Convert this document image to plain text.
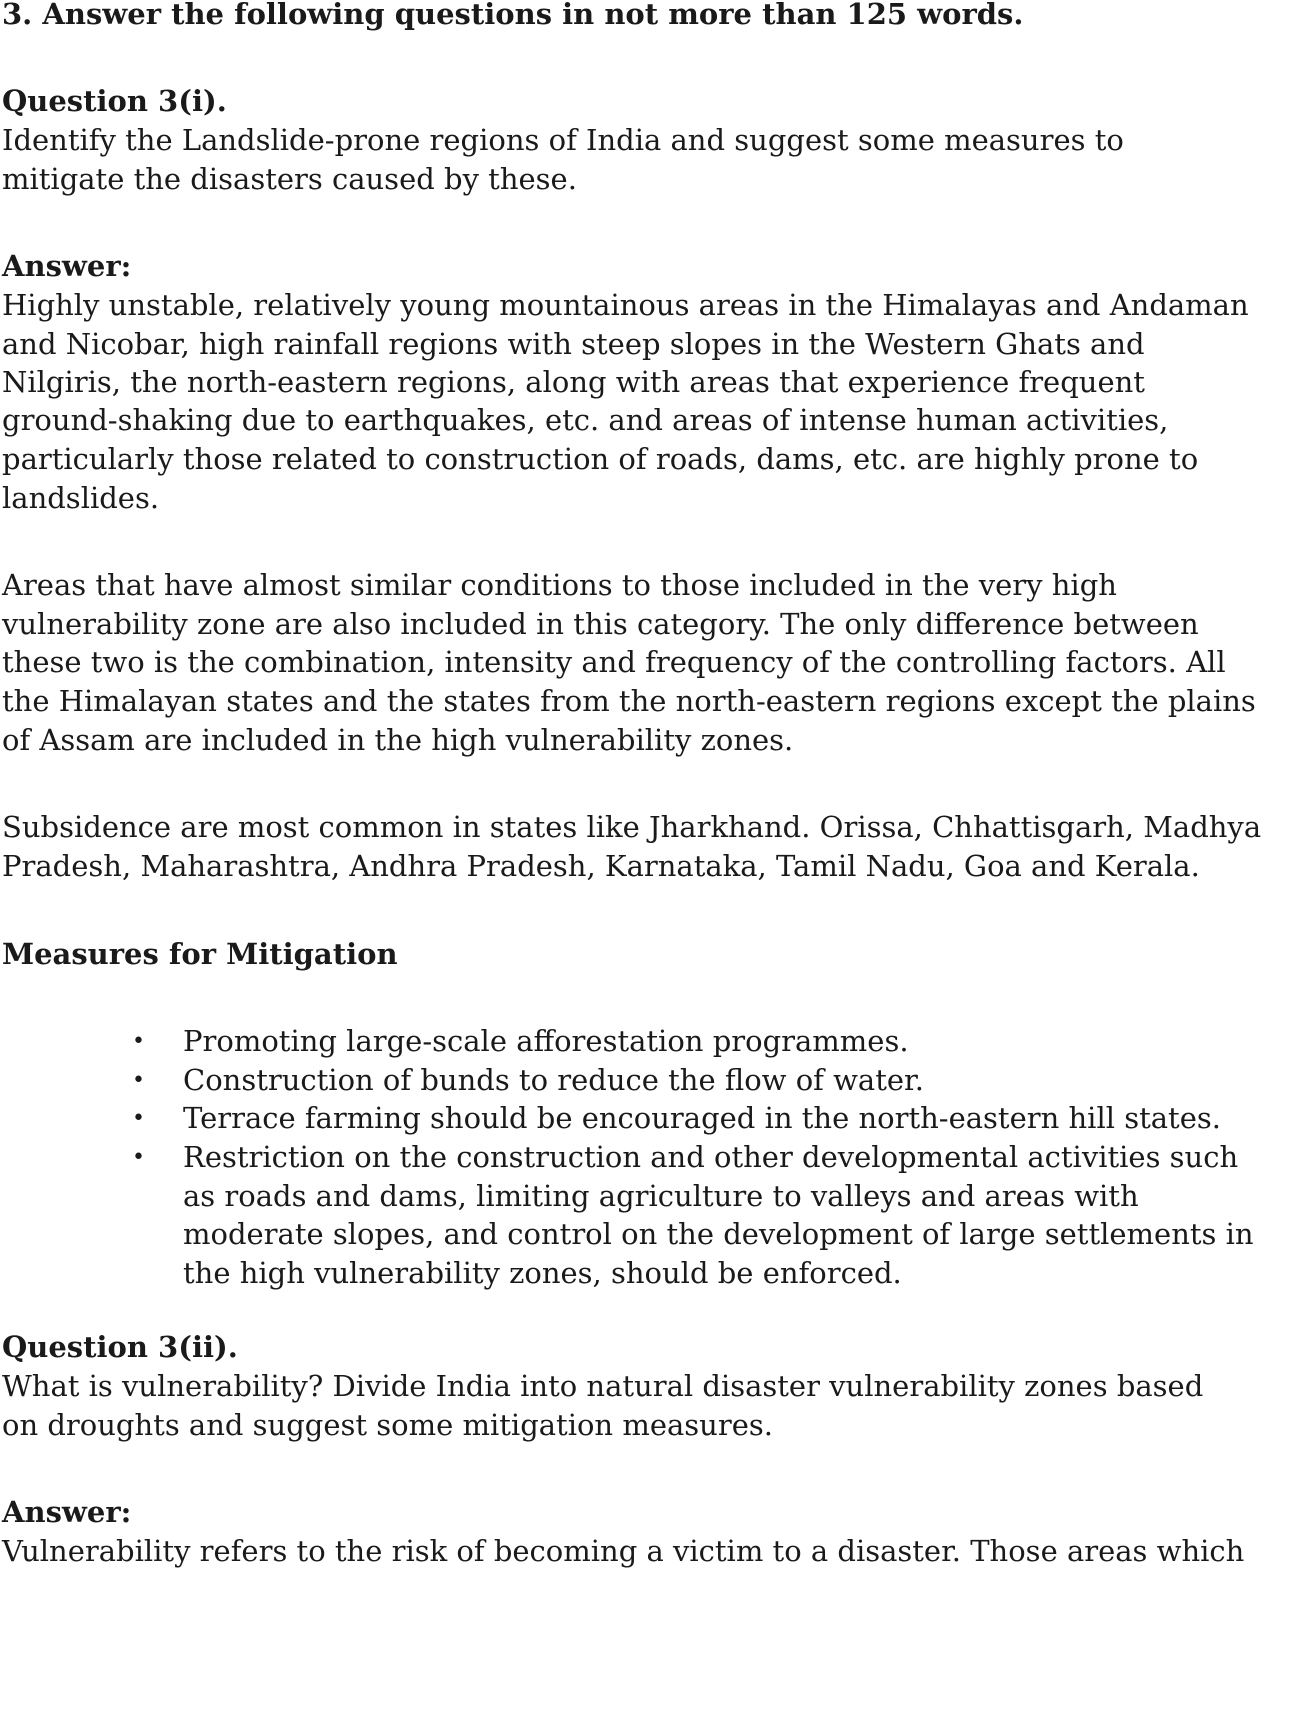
3. Answer the following questions in not more than 125 words.
Question 3(i).
Identify the Landslide-prone regions of India and suggest some measures to
mitigate the disasters caused by these.
Answer:
Highly unstable, relatively young mountainous areas in the Himalayas and Andaman
and Nicobar, high rainfall regions with steep slopes in the Western Ghats and
Nilgiris, the north-eastern regions, along with areas that experience frequent
ground-shaking due to earthquakes, etc. and areas of intense human activities,
particularly those related to construction of roads, dams, etc. are highly prone to
landslides.
Areas that have almost similar conditions to those included in the very high
vulnerability zone are also included in this category. The only difference between
these two is the combination, intensity and frequency of the controlling factors. All
the Himalayan states and the states from the north-eastern regions except the plains
of Assam are included in the high vulnerability zones.
Subsidence are most common in states like Jharkhand. Orissa, Chhattisgarh, Madhya
Pradesh, Maharashtra, Andhra Pradesh, Karnataka, Tamil Nadu, Goa and Kerala.
Measures for Mitigation
• Promoting large-scale afforestation programmes.
• Construction of bunds to reduce the flow of water.
• Terrace farming should be encouraged in the north-eastern hill states.
• Restriction on the construction and other developmental activities such
as roads and dams, limiting agriculture to valleys and areas with
moderate slopes, and control on the development of large settlements in
the high vulnerability zones, should be enforced.
Question 3(ii).
What is vulnerability? Divide India into natural disaster vulnerability zones based
on droughts and suggest some mitigation measures.
Answer:
Vulnerability refers to the risk of becoming a victim to a disaster. Those areas which
